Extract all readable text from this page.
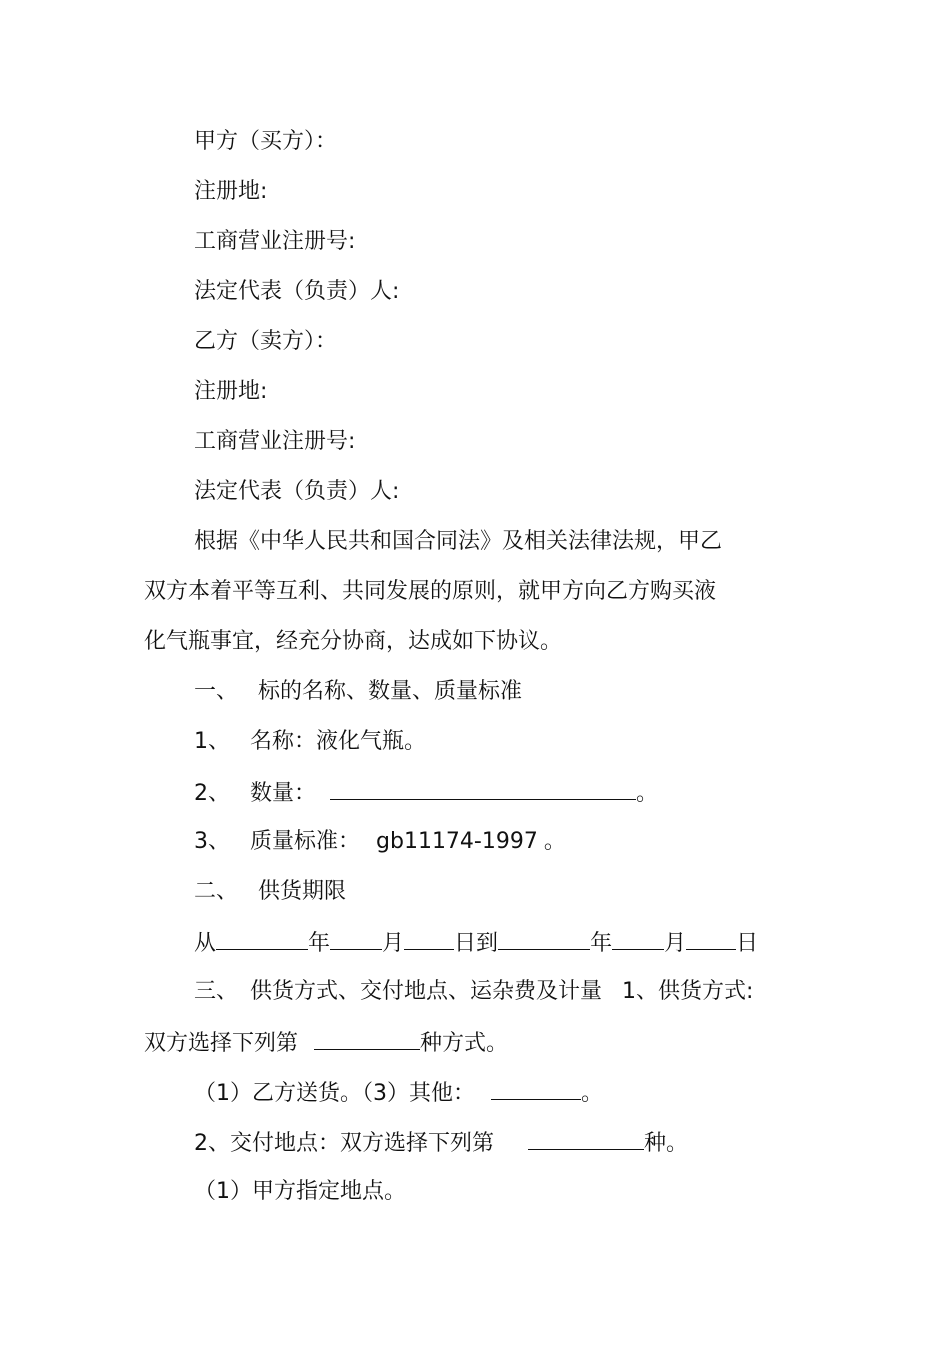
甲方（买方）：
注册地:
工商营业注册号:
法定代表（负责）人:
乙方（卖方）：
注册地:
工商营业注册号:
法定代表（负责）人:
根据《中华人民共和国合同法》及相关法律法规，甲乙
双方本着平等互利、共同发展的原则，就甲方向乙方购买液
化气瓶事宜，经充分协商，达成如下协议。
一、 标的名称、数量、质量标准
1、 名称：液化气瓶。
2、 数量：	。
3、 质量标准： gb11174-1997 。
二、 供货期限
从	年 月 日到	年 月 日
三、 供货方式、交付地点、运杂费及计量 1、供货方式:
双方选择下列第	种方式。
（1）乙方送货。（3）其他：	。
2、交付地点：双方选择下列第	种。
（1）甲方指定地点。
